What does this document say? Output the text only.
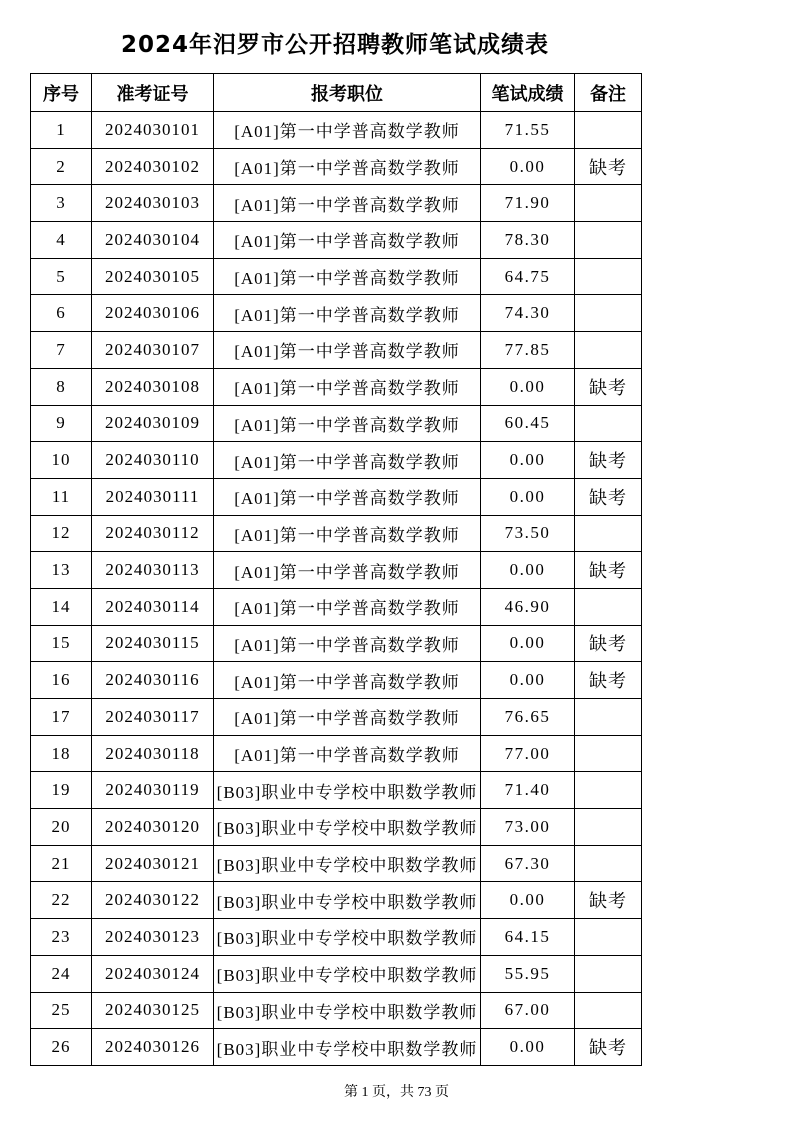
2024年汨罗市公开招聘教师笔试成绩表
序号	准考证号	报考职位	笔试成绩	备注
1	2024030101	[A01]第一中学普高数学教师	71.55	
2	2024030102	[A01]第一中学普高数学教师	0.00	缺考
3	2024030103	[A01]第一中学普高数学教师	71.90	
4	2024030104	[A01]第一中学普高数学教师	78.30	
5	2024030105	[A01]第一中学普高数学教师	64.75	
6	2024030106	[A01]第一中学普高数学教师	74.30	
7	2024030107	[A01]第一中学普高数学教师	77.85	
8	2024030108	[A01]第一中学普高数学教师	0.00	缺考
9	2024030109	[A01]第一中学普高数学教师	60.45	
10	2024030110	[A01]第一中学普高数学教师	0.00	缺考
11	2024030111	[A01]第一中学普高数学教师	0.00	缺考
12	2024030112	[A01]第一中学普高数学教师	73.50	
13	2024030113	[A01]第一中学普高数学教师	0.00	缺考
14	2024030114	[A01]第一中学普高数学教师	46.90	
15	2024030115	[A01]第一中学普高数学教师	0.00	缺考
16	2024030116	[A01]第一中学普高数学教师	0.00	缺考
17	2024030117	[A01]第一中学普高数学教师	76.65	
18	2024030118	[A01]第一中学普高数学教师	77.00	
19	2024030119	[B03]职业中专学校中职数学教师	71.40	
20	2024030120	[B03]职业中专学校中职数学教师	73.00	
21	2024030121	[B03]职业中专学校中职数学教师	67.30	
22	2024030122	[B03]职业中专学校中职数学教师	0.00	缺考
23	2024030123	[B03]职业中专学校中职数学教师	64.15	
24	2024030124	[B03]职业中专学校中职数学教师	55.95	
25	2024030125	[B03]职业中专学校中职数学教师	67.00	
26	2024030126	[B03]职业中专学校中职数学教师	0.00	缺考
第 1 页，共 73 页
